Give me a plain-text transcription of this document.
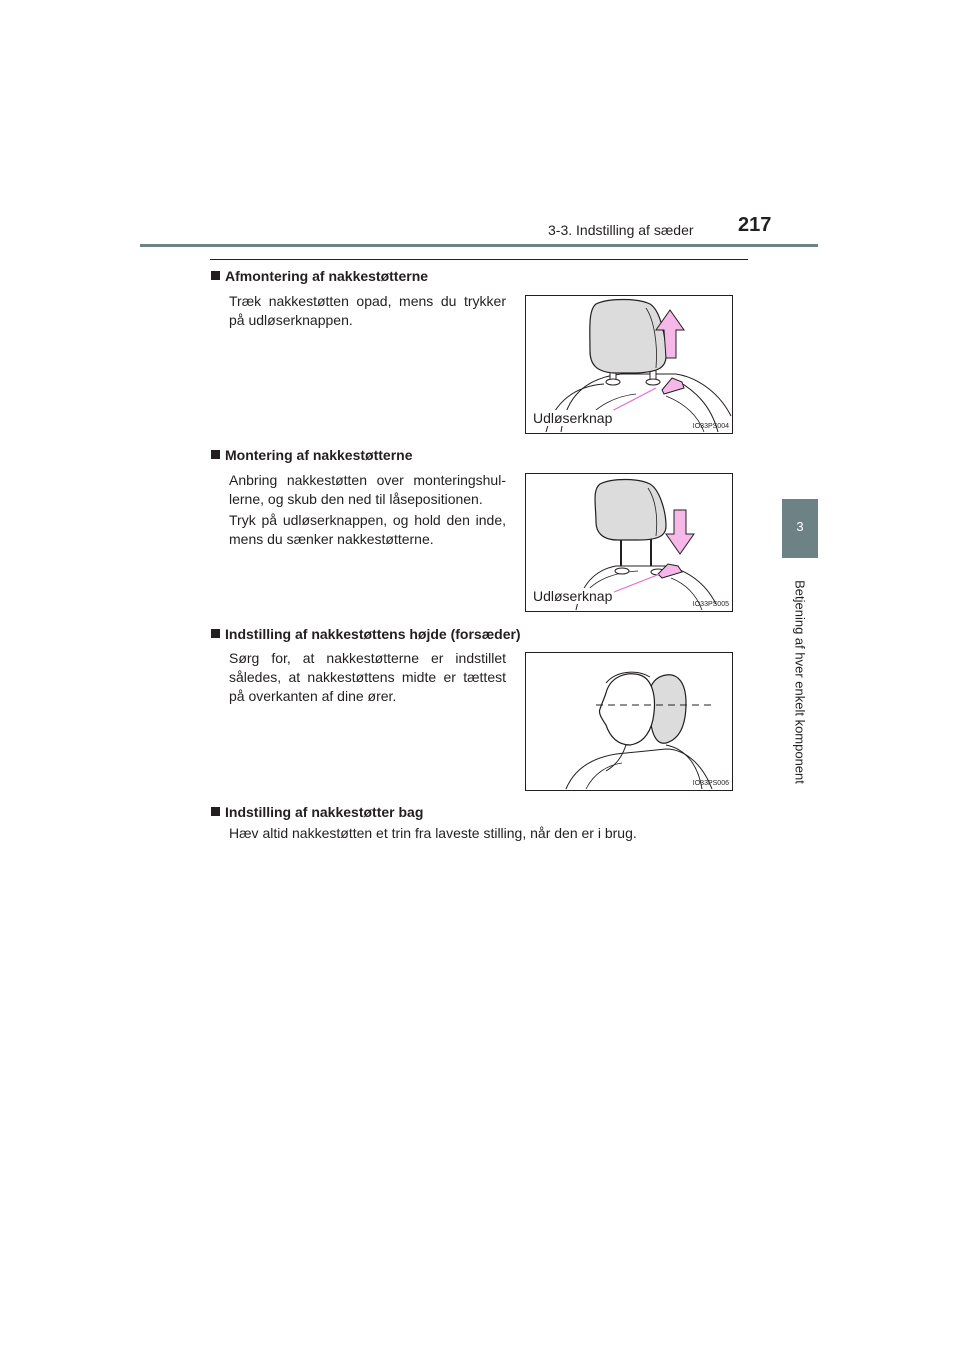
3-3. Indstilling af sæder 217
3
Betjening af hver enkelt komponent
Afmontering af nakkestøtterne
Træk nakkestøtten opad, mens du trykker på udløserknappen.
Udløserknap
IO33PS004
Montering af nakkestøtterne
Anbring nakkestøtten over monteringshul-lerne, og skub den ned til låsepositionen.
Tryk på udløserknappen, og hold den inde, mens du sænker nakkestøtterne.
Udløserknap
IO33PS005
Indstilling af nakkestøttens højde (forsæder)
Sørg for, at nakkestøtterne er indstillet således, at nakkestøttens midte er tættest på overkanten af dine ører.
IO33PS006
Indstilling af nakkestøtter bag
Hæv altid nakkestøtten et trin fra laveste stilling, når den er i brug.
